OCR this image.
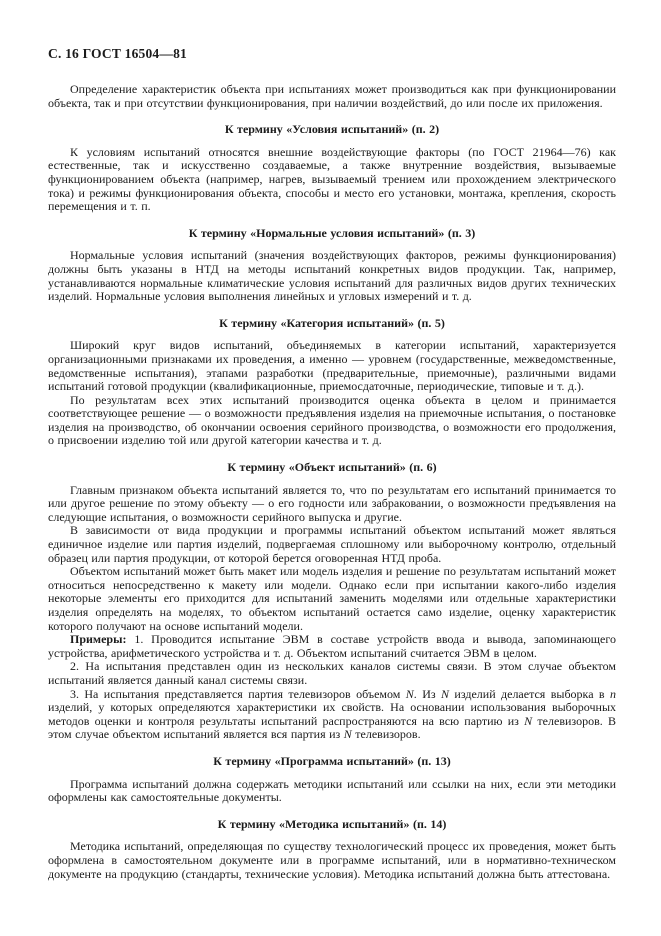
С. 16 ГОСТ 16504—81

Определение характеристик объекта при испытаниях может производиться как при функционировании объекта, так и при отсутствии функционирования, при наличии воздействий, до или после их приложения.

К термину «Условия испытаний» (п. 2)

К условиям испытаний относятся внешние воздействующие факторы (по ГОСТ 21964—76) как естественные, так и искусственно создаваемые, а также внутренние воздействия, вызываемые функционированием объекта (например, нагрев, вызываемый трением или прохождением электрического тока) и режимы функционирования объекта, способы и место его установки, монтажа, крепления, скорость перемещения и т. п.

К термину «Нормальные условия испытаний» (п. 3)

Нормальные условия испытаний (значения воздействующих факторов, режимы функционирования) должны быть указаны в НТД на методы испытаний конкретных видов продукции. Так, например, устанавливаются нормальные климатические условия испытаний для различных видов других технических изделий. Нормальные условия выполнения линейных и угловых измерений и т. д.

К термину «Категория испытаний» (п. 5)

Широкий круг видов испытаний, объединяемых в категории испытаний, характеризуется организационными признаками их проведения, а именно — уровнем (государственные, межведомственные, ведомственные испытания), этапами разработки (предварительные, приемочные), различными видами испытаний готовой продукции (квалификационные, приемосдаточные, периодические, типовые и т. д.).

По результатам всех этих испытаний производится оценка объекта в целом и принимается соответствующее решение — о возможности предъявления изделия на приемочные испытания, о постановке изделия на производство, об окончании освоения серийного производства, о возможности его продолжения, о присвоении изделию той или другой категории качества и т. д.

К термину «Объект испытаний» (п. 6)

Главным признаком объекта испытаний является то, что по результатам его испытаний принимается то или другое решение по этому объекту — о его годности или забраковании, о возможности предъявления на следующие испытания, о возможности серийного выпуска и другие.

В зависимости от вида продукции и программы испытаний объектом испытаний может являться единичное изделие или партия изделий, подвергаемая сплошному или выборочному контролю, отдельный образец или партия продукции, от которой берется оговоренная НТД проба.

Объектом испытаний может быть макет или модель изделия и решение по результатам испытаний может относиться непосредственно к макету или модели. Однако если при испытании какого-либо изделия некоторые элементы его приходится для испытаний заменить моделями или отдельные характеристики изделия определять на моделях, то объектом испытаний остается само изделие, оценку характеристик которого получают на основе испытаний модели.

Примеры: 1. Проводится испытание ЭВМ в составе устройств ввода и вывода, запоминающего устройства, арифметического устройства и т. д. Объектом испытаний считается ЭВМ в целом.

2. На испытания представлен один из нескольких каналов системы связи. В этом случае объектом испытаний является данный канал системы связи.

3. На испытания представляется партия телевизоров объемом N. Из N изделий делается выборка в n изделий, у которых определяются характеристики их свойств. На основании использования выборочных методов оценки и контроля результаты испытаний распространяются на всю партию из N телевизоров. В этом случае объектом испытаний является вся партия из N телевизоров.

К термину «Программа испытаний» (п. 13)

Программа испытаний должна содержать методики испытаний или ссылки на них, если эти методики оформлены как самостоятельные документы.

К термину «Методика испытаний» (п. 14)

Методика испытаний, определяющая по существу технологический процесс их проведения, может быть оформлена в самостоятельном документе или в программе испытаний, или в нормативно-техническом документе на продукцию (стандарты, технические условия). Методика испытаний должна быть аттестована.
